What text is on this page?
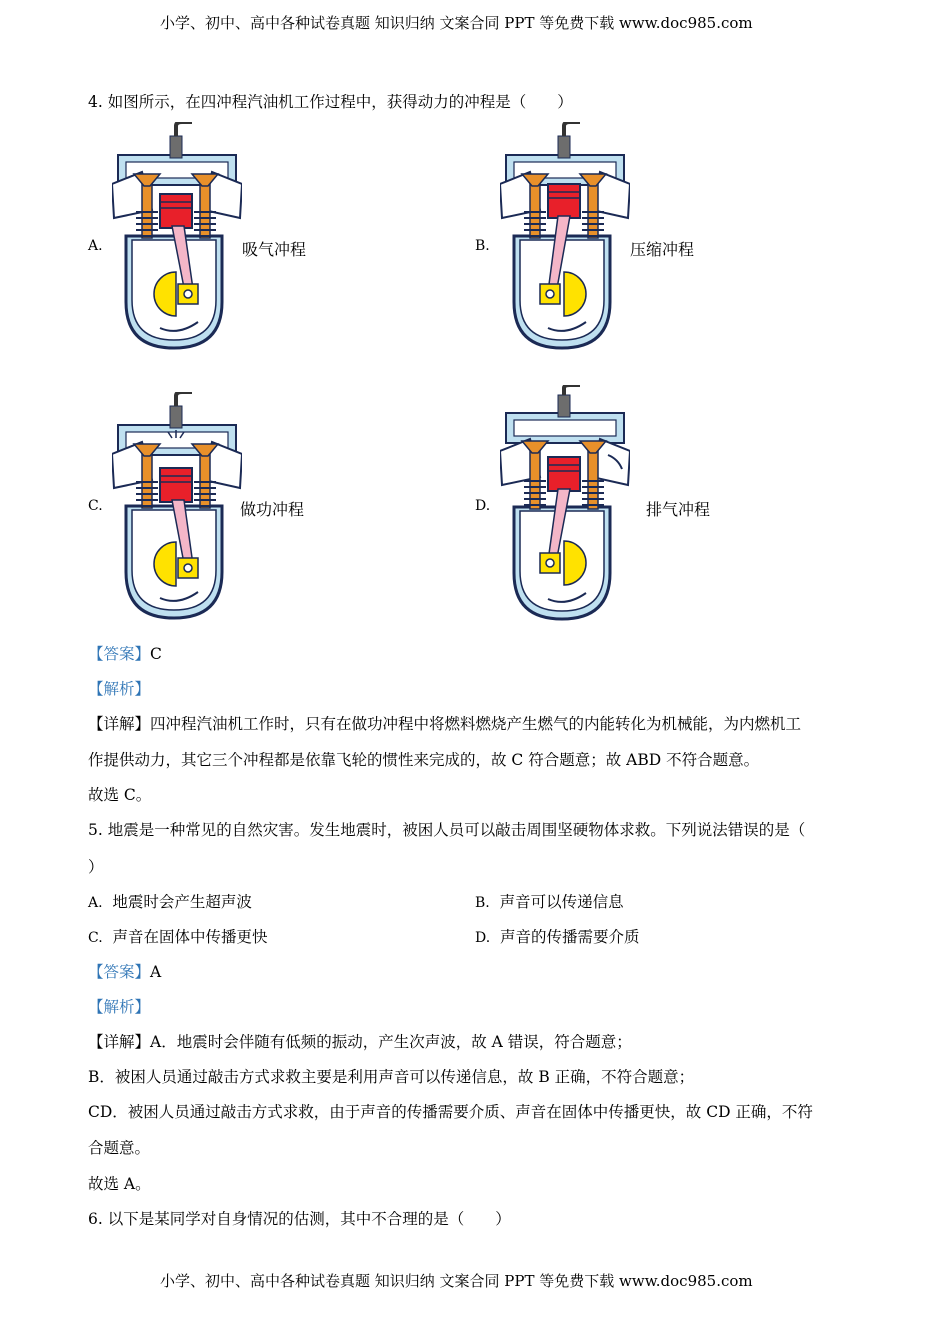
小学、初中、高中各种试卷真题 知识归纳 文案合同 PPT 等免费下载 www.doc985.com
4. 如图所示，在四冲程汽油机工作过程中，获得动力的冲程是（　　）
A.	吸气冲程	B.	压缩冲程
C.	做功冲程	D.	排气冲程
【答案】C
【解析】
【详解】四冲程汽油机工作时，只有在做功冲程中将燃料燃烧产生燃气的内能转化为机械能，为内燃机工
作提供动力，其它三个冲程都是依靠飞轮的惯性来完成的，故 C 符合题意；故 ABD 不符合题意。
故选 C。
5. 地震是一种常见的自然灾害。发生地震时，被困人员可以敲击周围坚硬物体求救。下列说法错误的是（
）
A. 地震时会产生超声波	B. 声音可以传递信息
C. 声音在固体中传播更快	D. 声音的传播需要介质
【答案】A
【解析】
【详解】A．地震时会伴随有低频的振动，产生次声波，故 A 错误，符合题意；
B．被困人员通过敲击方式求救主要是利用声音可以传递信息，故 B 正确，不符合题意；
CD．被困人员通过敲击方式求救，由于声音的传播需要介质、声音在固体中传播更快，故 CD 正确，不符
合题意。
故选 A。
6. 以下是某同学对自身情况的估测，其中不合理的是（　　）
小学、初中、高中各种试卷真题 知识归纳 文案合同 PPT 等免费下载 www.doc985.com
